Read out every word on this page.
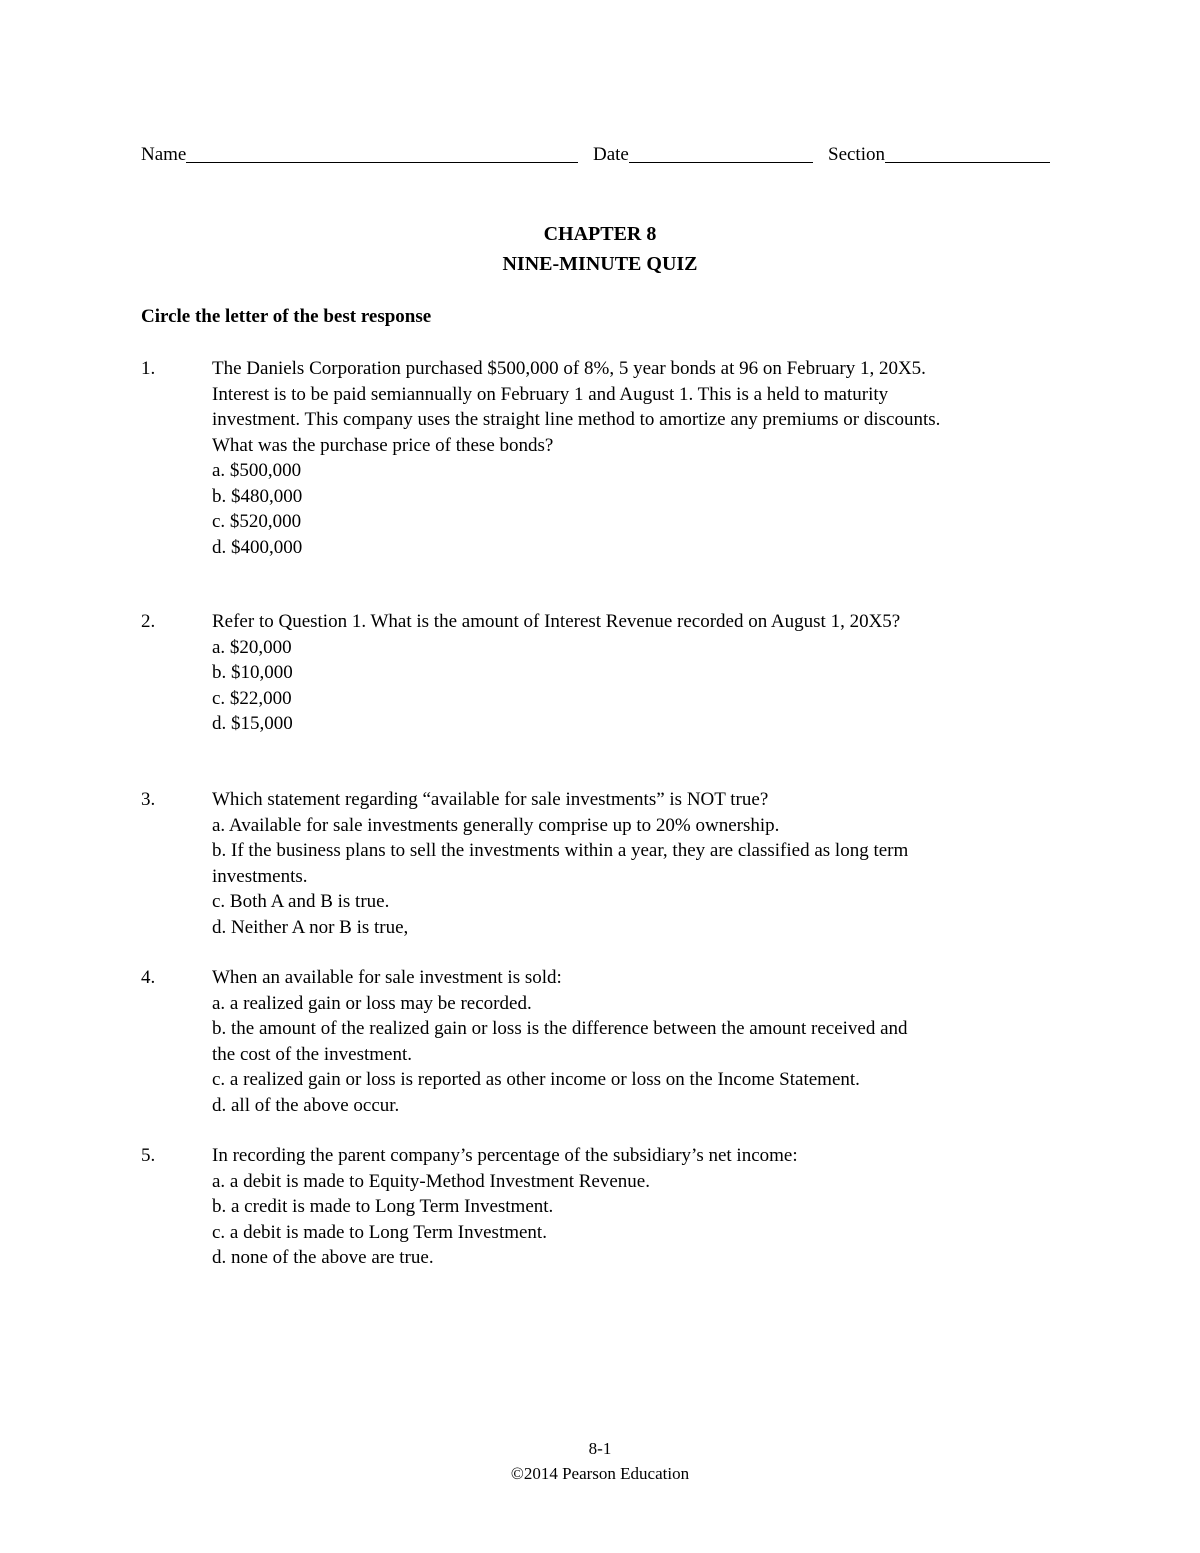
Name	Date	Section
CHAPTER 8
NINE-MINUTE QUIZ
Circle the letter of the best response
1.	The Daniels Corporation purchased $500,000 of 8%, 5 year bonds at 96 on February 1, 20X5.
Interest is to be paid semiannually on February 1 and August 1. This is a held to maturity
investment. This company uses the straight line method to amortize any premiums or discounts.
What was the purchase price of these bonds?
a. $500,000
b. $480,000
c. $520,000
d. $400,000
2.	Refer to Question 1. What is the amount of Interest Revenue recorded on August 1, 20X5?
a. $20,000
b. $10,000
c. $22,000
d. $15,000
3.	Which statement regarding “available for sale investments” is NOT true?
a. Available for sale investments generally comprise up to 20% ownership.
b. If the business plans to sell the investments within a year, they are classified as long term
investments.
c. Both A and B is true.
d. Neither A nor B is true,
4.	When an available for sale investment is sold:
a. a realized gain or loss may be recorded.
b. the amount of the realized gain or loss is the difference between the amount received and
the cost of the investment.
c. a realized gain or loss is reported as other income or loss on the Income Statement.
d. all of the above occur.
5.	In recording the parent company’s percentage of the subsidiary’s net income:
a. a debit is made to Equity-Method Investment Revenue.
b. a credit is made to Long Term Investment.
c. a debit is made to Long Term Investment.
d. none of the above are true.
8-1
©2014 Pearson Education
